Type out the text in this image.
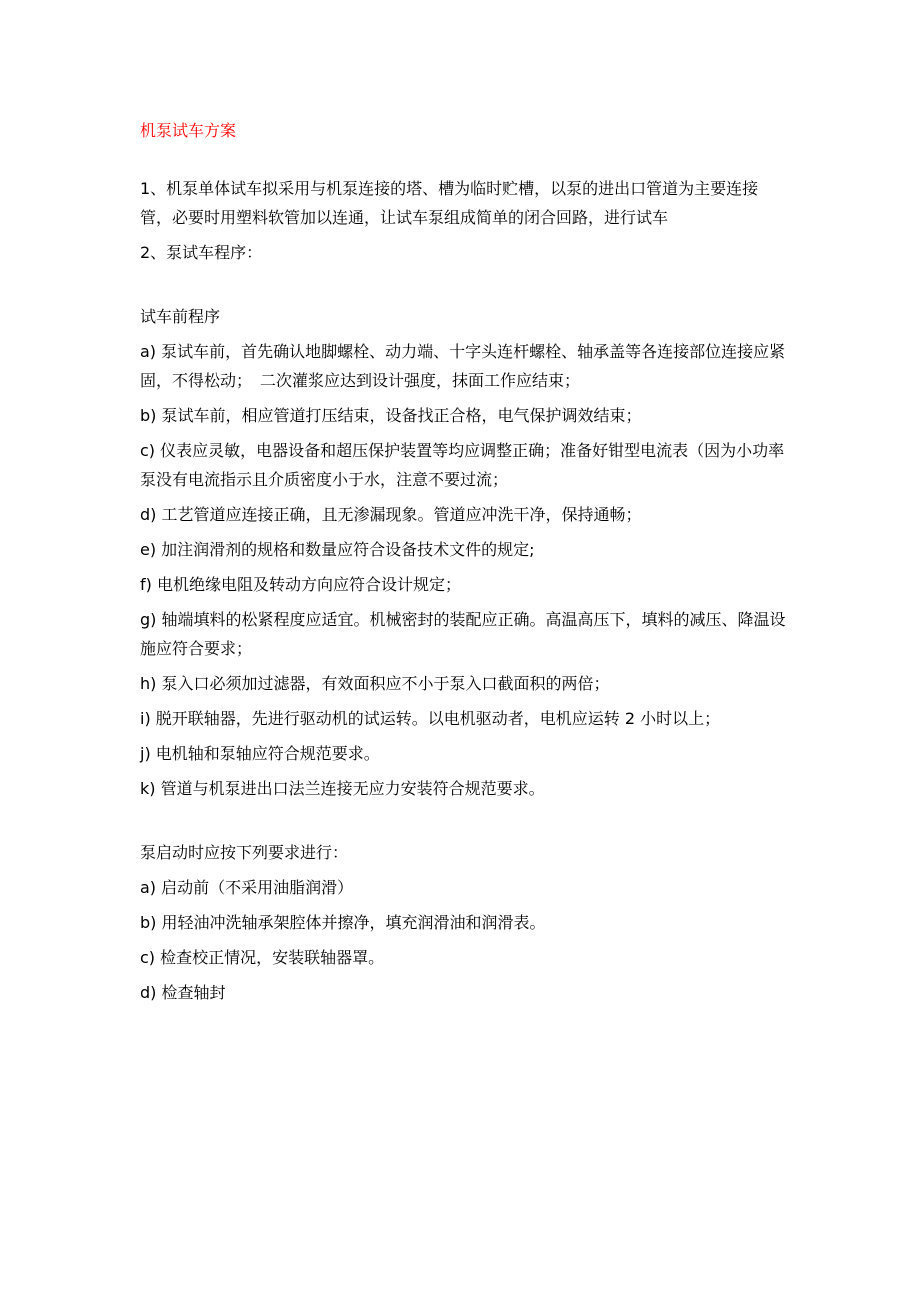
机泵试车方案

1、机泵单体试车拟采用与机泵连接的塔、槽为临时贮槽，以泵的进出口管道为主要连接管，必要时用塑料软管加以连通，让试车泵组成简单的闭合回路，进行试车

2、泵试车程序：

试车前程序

a) 泵试车前，首先确认地脚螺栓、动力端、十字头连杆螺栓、轴承盖等各连接部位连接应紧固，不得松动；　二次灌浆应达到设计强度，抹面工作应结束；

b) 泵试车前，相应管道打压结束，设备找正合格，电气保护调效结束；

c) 仪表应灵敏，电器设备和超压保护装置等均应调整正确；准备好钳型电流表（因为小功率泵没有电流指示且介质密度小于水，注意不要过流；

d) 工艺管道应连接正确，且无渗漏现象。管道应冲洗干净，保持通畅；

e) 加注润滑剂的规格和数量应符合设备技术文件的规定;

f) 电机绝缘电阻及转动方向应符合设计规定；

g) 轴端填料的松紧程度应适宜。机械密封的装配应正确。高温高压下，填料的减压、降温设施应符合要求；

h) 泵入口必须加过滤器，有效面积应不小于泵入口截面积的两倍；

i) 脱开联轴器，先进行驱动机的试运转。以电机驱动者，电机应运转 2 小时以上；

j) 电机轴和泵轴应符合规范要求。

k) 管道与机泵进出口法兰连接无应力安装符合规范要求。

泵启动时应按下列要求进行：

a) 启动前（不采用油脂润滑）

b) 用轻油冲洗轴承架腔体并擦净，填充润滑油和润滑表。

c) 检查校正情况，安装联轴器罩。

d) 检查轴封
